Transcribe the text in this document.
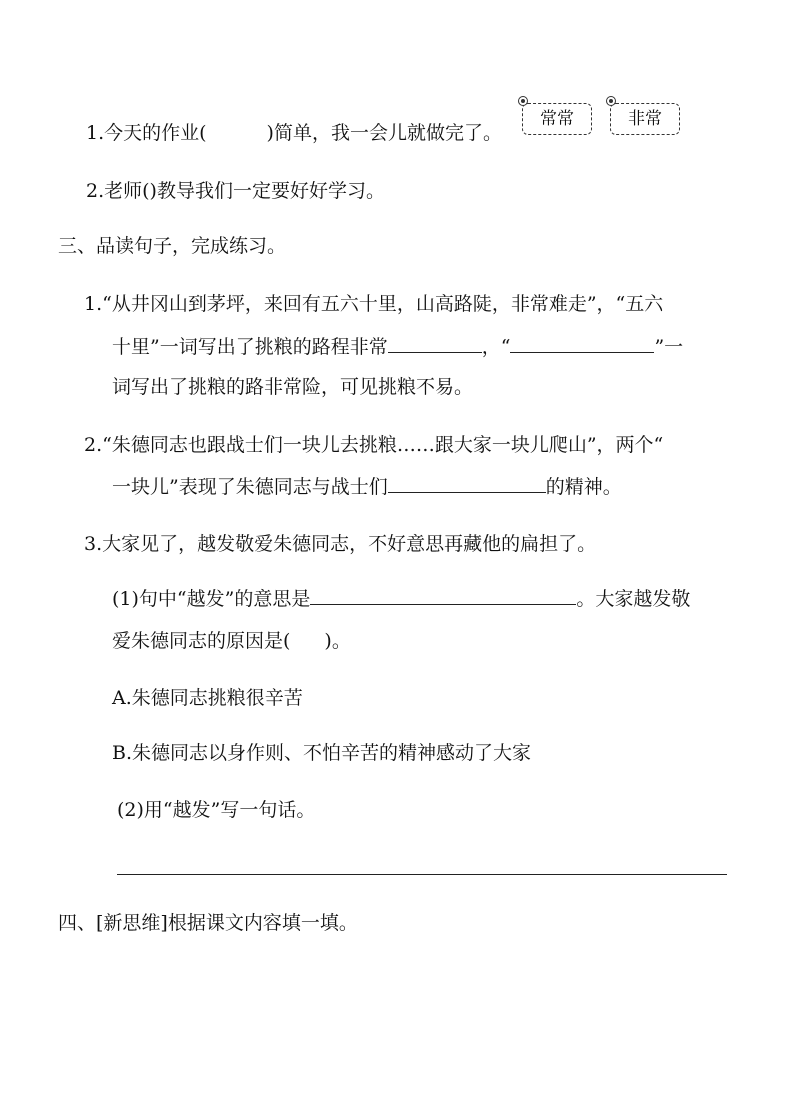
1.今天的作业(	)简单，我一会儿就做完了。
常常	非常
2.老师()教导我们一定要好好学习。
三、品读句子，完成练习。
1.“从井冈山到茅坪，来回有五六十里，山高路陡，非常难走”，“五六
十里”一词写出了挑粮的路程非常	，“	”一
词写出了挑粮的路非常险，可见挑粮不易。
2.“朱德同志也跟战士们一块儿去挑粮……跟大家一块儿爬山”，两个“
一块儿”表现了朱德同志与战士们	的精神。
3.大家见了，越发敬爱朱德同志，不好意思再藏他的扁担了。
(1)句中“越发”的意思是	。大家越发敬
爱朱德同志的原因是( )。
A.朱德同志挑粮很辛苦
B.朱德同志以身作则、不怕辛苦的精神感动了大家
(2)用“越发”写一句话。
四、[新思维]根据课文内容填一填。
